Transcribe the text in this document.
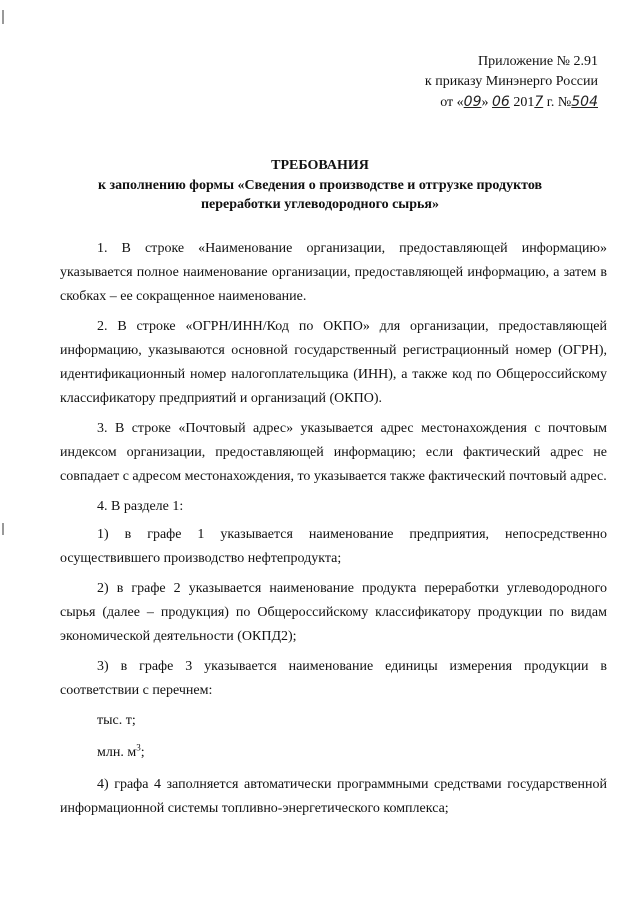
Приложение № 2.91
к приказу Минэнерго России
от «09» 06 2017 г. №504
ТРЕБОВАНИЯ
к заполнению формы «Сведения о производстве и отгрузке продуктов
переработки углеводородного сырья»

1. В строке «Наименование организации, предоставляющей информацию» указывается полное наименование организации, предоставляющей информацию, а затем в скобках – ее сокращенное наименование.

2. В строке «ОГРН/ИНН/Код по ОКПО» для организации, предоставляющей информацию, указываются основной государственный регистрационный номер (ОГРН), идентификационный номер налогоплательщика (ИНН), а также код по Общероссийскому классификатору предприятий и организаций (ОКПО).

3. В строке «Почтовый адрес» указывается адрес местонахождения с почтовым индексом организации, предоставляющей информацию; если фактический адрес не совпадает с адресом местонахождения, то указывается также фактический почтовый адрес.

4. В разделе 1:

1) в графе 1 указывается наименование предприятия, непосредственно осуществившего производство нефтепродукта;

2) в графе 2 указывается наименование продукта переработки углеводородного сырья (далее – продукция) по Общероссийскому классификатору продукции по видам экономической деятельности (ОКПД2);

3) в графе 3 указывается наименование единицы измерения продукции в соответствии с перечнем:

тыс. т;

млн. $м^3$;

4) графа 4 заполняется автоматически программными средствами государственной информационной системы топливно-энергетического комплекса;
